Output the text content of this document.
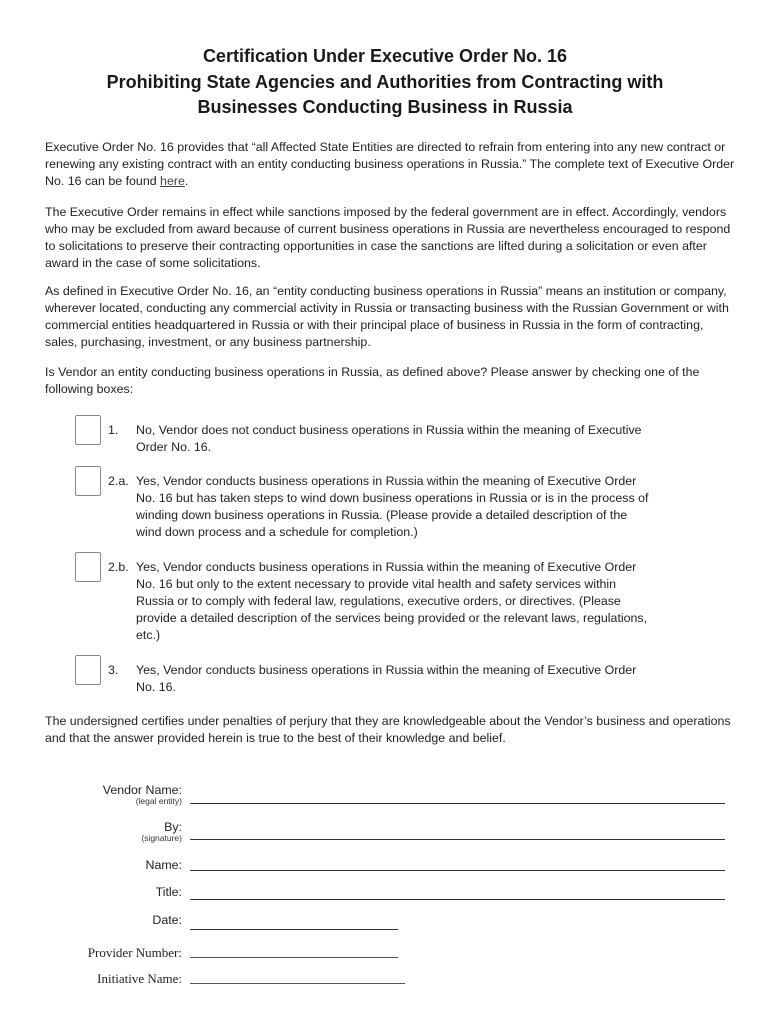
Certification Under Executive Order No. 16
Prohibiting State Agencies and Authorities from Contracting with
Businesses Conducting Business in Russia
Executive Order No. 16 provides that “all Affected State Entities are directed to refrain from entering into any new contract or renewing any existing contract with an entity conducting business operations in Russia.” The complete text of Executive Order No. 16 can be found here.
The Executive Order remains in effect while sanctions imposed by the federal government are in effect. Accordingly, vendors who may be excluded from award because of current business operations in Russia are nevertheless encouraged to respond to solicitations to preserve their contracting opportunities in case the sanctions are lifted during a solicitation or even after award in the case of some solicitations.
As defined in Executive Order No. 16, an “entity conducting business operations in Russia” means an institution or company, wherever located, conducting any commercial activity in Russia or transacting business with the Russian Government or with commercial entities headquartered in Russia or with their principal place of business in Russia in the form of contracting, sales, purchasing, investment, or any business partnership.
Is Vendor an entity conducting business operations in Russia, as defined above? Please answer by checking one of the following boxes:
1. No, Vendor does not conduct business operations in Russia within the meaning of Executive Order No. 16.
2.a. Yes, Vendor conducts business operations in Russia within the meaning of Executive Order No. 16 but has taken steps to wind down business operations in Russia or is in the process of winding down business operations in Russia. (Please provide a detailed description of the wind down process and a schedule for completion.)
2.b. Yes, Vendor conducts business operations in Russia within the meaning of Executive Order No. 16 but only to the extent necessary to provide vital health and safety services within Russia or to comply with federal law, regulations, executive orders, or directives. (Please provide a detailed description of the services being provided or the relevant laws, regulations, etc.)
3. Yes, Vendor conducts business operations in Russia within the meaning of Executive Order No. 16.
The undersigned certifies under penalties of perjury that they are knowledgeable about the Vendor’s business and operations and that the answer provided herein is true to the best of their knowledge and belief.
Vendor Name:
(legal entity)
By:
(signature)
Name:
Title:
Date:
Provider Number:
Initiative Name:
